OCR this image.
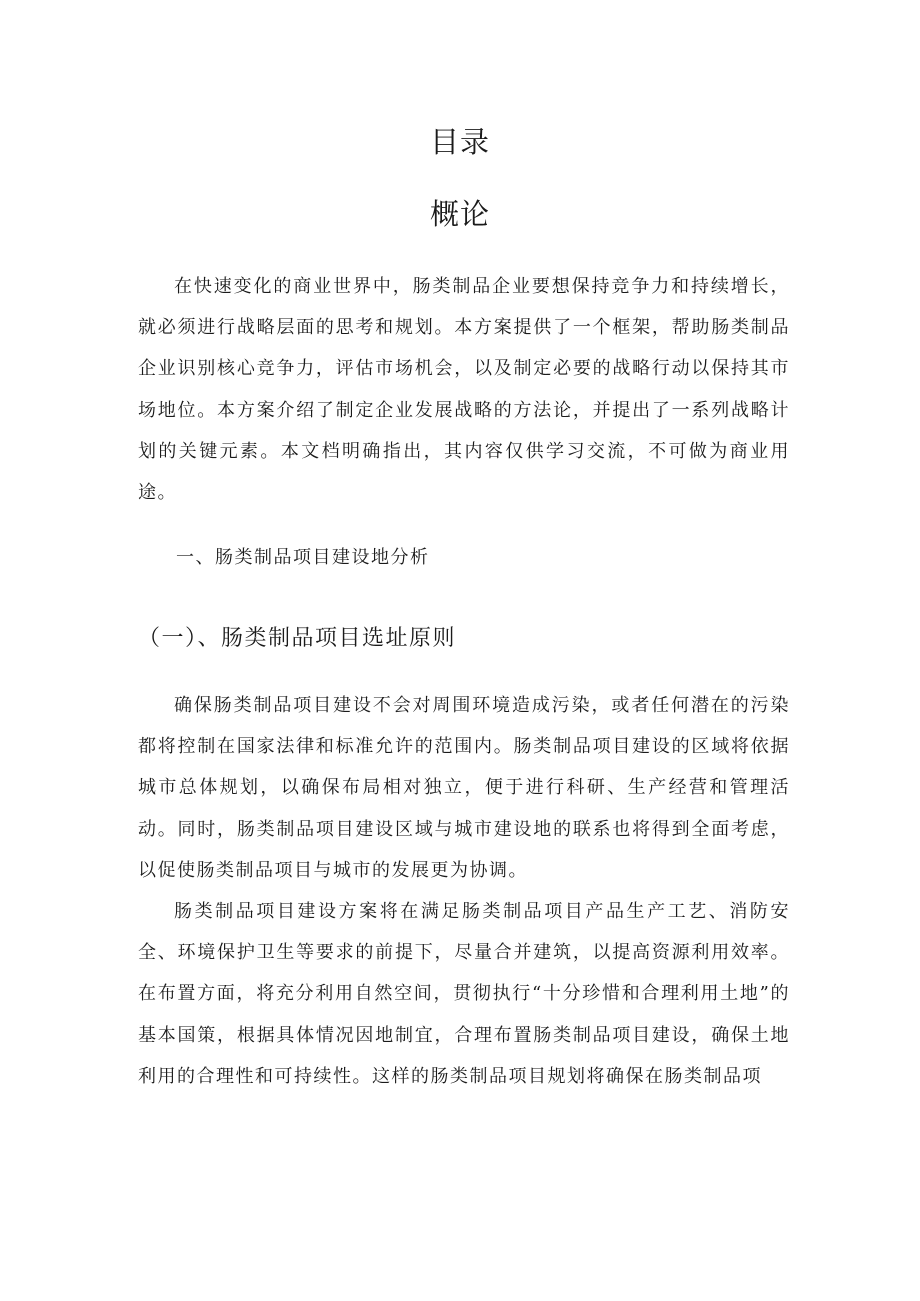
目录
概论

在快速变化的商业世界中，肠类制品企业要想保持竞争力和持续增长，就必须进行战略层面的思考和规划。本方案提供了一个框架，帮助肠类制品企业识别核心竞争力，评估市场机会，以及制定必要的战略行动以保持其市场地位。本方案介绍了制定企业发展战略的方法论，并提出了一系列战略计划的关键元素。本文档明确指出，其内容仅供学习交流，不可做为商业用途。

一、肠类制品项目建设地分析
（一）、肠类制品项目选址原则

确保肠类制品项目建设不会对周围环境造成污染，或者任何潜在的污染都将控制在国家法律和标准允许的范围内。肠类制品项目建设的区域将依据城市总体规划，以确保布局相对独立，便于进行科研、生产经营和管理活动。同时，肠类制品项目建设区域与城市建设地的联系也将得到全面考虑，以促使肠类制品项目与城市的发展更为协调。

肠类制品项目建设方案将在满足肠类制品项目产品生产工艺、消防安全、环境保护卫生等要求的前提下，尽量合并建筑，以提高资源利用效率。在布置方面，将充分利用自然空间，贯彻执行“十分珍惜和合理利用土地”的基本国策，根据具体情况因地制宜，合理布置肠类制品项目建设，确保土地利用的合理性和可持续性。这样的肠类制品项目规划将确保在肠类制品项
